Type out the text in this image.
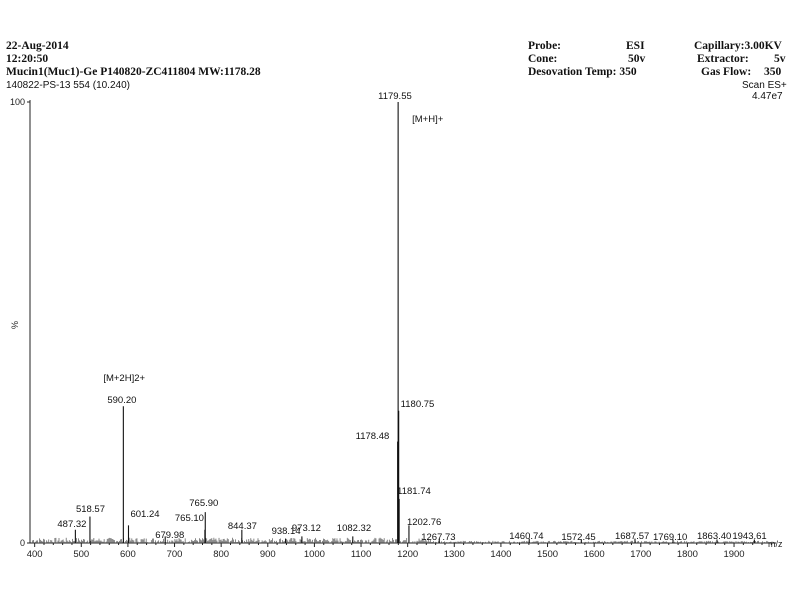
22-Aug-2014
12:20:50
Mucin1(Muc1)-Ge P140820-ZC411804 MW:1178.28
140822-PS-13 554 (10.240)
Probe:	ESI
Cone:	50v
Desovation Temp: 350
Capillary:3.00KV
Extractor: 5v
Gas Flow: 350
Scan ES+
4.47e7
%
m/z
0
100
400	500	600	700	800	900	1000	1100	1200	1300	1400	1500	1600	1700	1800	1900
487.32
518.57
[M+2H]2+
590.20
601.24
679.98
765.10
765.90
844.37 938.14
973.12 1082.32
1179.55
[M+H]+
1178.48
1180.75
1181.74
1202.76
1267.73	1460.74 1572.45 1687.57 1769.10 1863.40 1943.61
